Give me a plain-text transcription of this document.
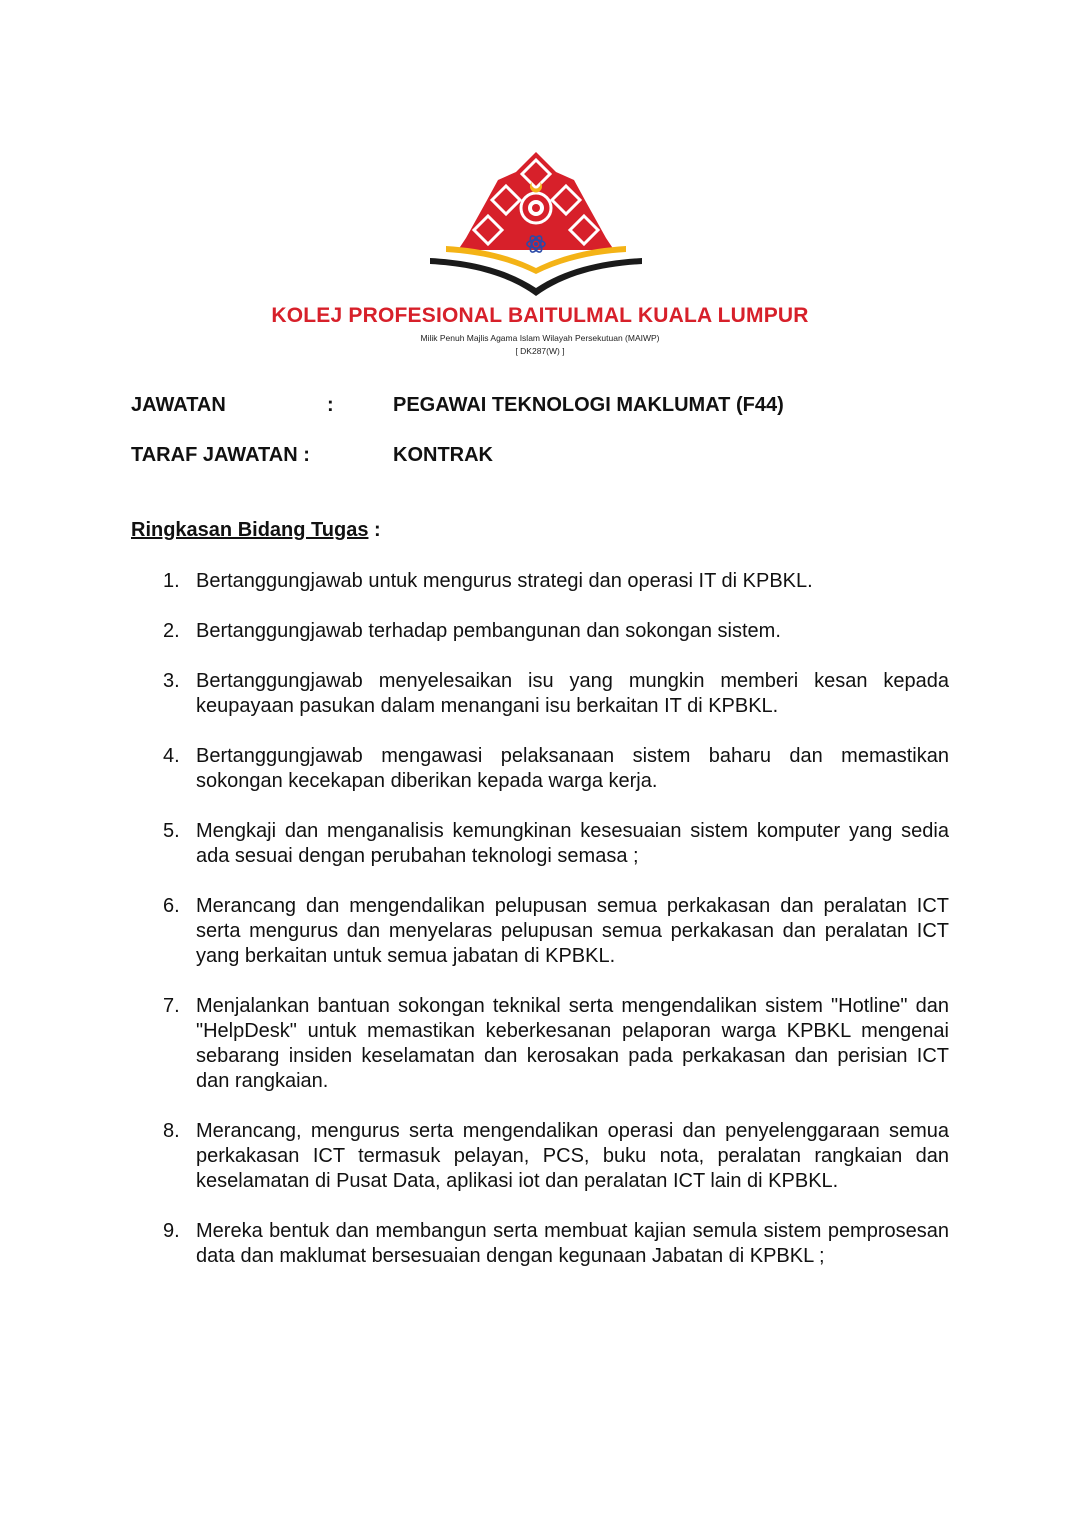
KOLEJ PROFESIONAL BAITULMAL KUALA LUMPUR
Milik Penuh Majlis Agama Islam Wilayah Persekutuan (MAIWP)
[ DK287(W) ]
JAWATAN	:	PEGAWAI TEKNOLOGI MAKLUMAT (F44)
TARAF JAWATAN :	KONTRAK
Ringkasan Bidang Tugas :
1. Bertanggungjawab untuk mengurus strategi dan operasi IT di KPBKL.
2. Bertanggungjawab terhadap pembangunan dan sokongan sistem.
3. Bertanggungjawab menyelesaikan isu yang mungkin memberi kesan kepada keupayaan pasukan dalam menangani isu berkaitan IT di KPBKL.
4. Bertanggungjawab mengawasi pelaksanaan sistem baharu dan memastikan sokongan kecekapan diberikan kepada warga kerja.
5. Mengkaji dan menganalisis kemungkinan kesesuaian sistem komputer yang sedia ada sesuai dengan perubahan teknologi semasa ;
6. Merancang dan mengendalikan pelupusan semua perkakasan dan peralatan ICT serta mengurus dan menyelaras pelupusan semua perkakasan dan peralatan ICT yang berkaitan untuk semua jabatan di KPBKL.
7. Menjalankan bantuan sokongan teknikal serta mengendalikan sistem "Hotline" dan "HelpDesk" untuk memastikan keberkesanan pelaporan warga KPBKL mengenai sebarang insiden keselamatan dan kerosakan pada perkakasan dan perisian ICT dan rangkaian.
8. Merancang, mengurus serta mengendalikan operasi dan penyelenggaraan semua perkakasan ICT termasuk pelayan, PCS, buku nota, peralatan rangkaian dan keselamatan di Pusat Data, aplikasi iot dan peralatan ICT lain di KPBKL.
9. Mereka bentuk dan membangun serta membuat kajian semula sistem pemprosesan data dan maklumat bersesuaian dengan kegunaan Jabatan di KPBKL ;
